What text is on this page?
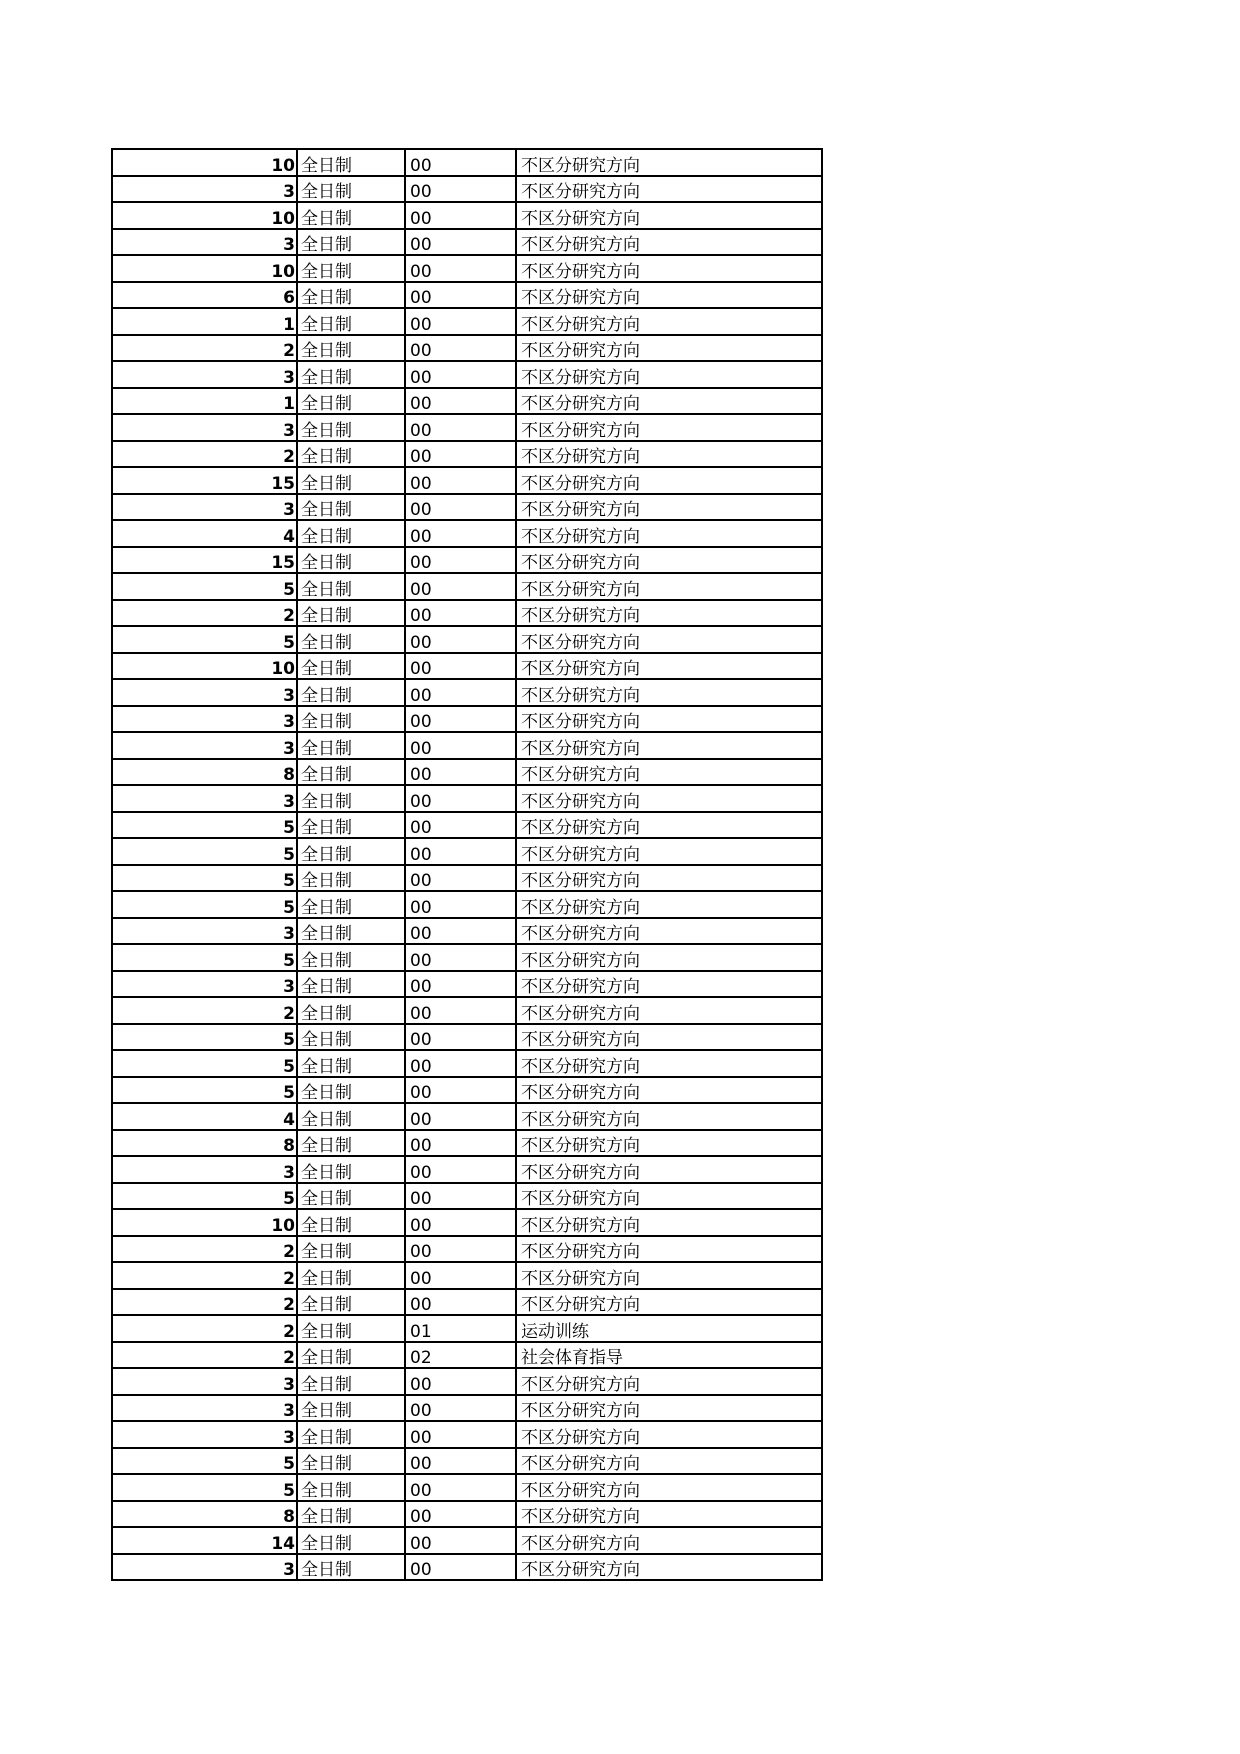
10	全日制	00	不区分研究方向
3	全日制	00	不区分研究方向
10	全日制	00	不区分研究方向
3	全日制	00	不区分研究方向
10	全日制	00	不区分研究方向
6	全日制	00	不区分研究方向
1	全日制	00	不区分研究方向
2	全日制	00	不区分研究方向
3	全日制	00	不区分研究方向
1	全日制	00	不区分研究方向
3	全日制	00	不区分研究方向
2	全日制	00	不区分研究方向
15	全日制	00	不区分研究方向
3	全日制	00	不区分研究方向
4	全日制	00	不区分研究方向
15	全日制	00	不区分研究方向
5	全日制	00	不区分研究方向
2	全日制	00	不区分研究方向
5	全日制	00	不区分研究方向
10	全日制	00	不区分研究方向
3	全日制	00	不区分研究方向
3	全日制	00	不区分研究方向
3	全日制	00	不区分研究方向
8	全日制	00	不区分研究方向
3	全日制	00	不区分研究方向
5	全日制	00	不区分研究方向
5	全日制	00	不区分研究方向
5	全日制	00	不区分研究方向
5	全日制	00	不区分研究方向
3	全日制	00	不区分研究方向
5	全日制	00	不区分研究方向
3	全日制	00	不区分研究方向
2	全日制	00	不区分研究方向
5	全日制	00	不区分研究方向
5	全日制	00	不区分研究方向
5	全日制	00	不区分研究方向
4	全日制	00	不区分研究方向
8	全日制	00	不区分研究方向
3	全日制	00	不区分研究方向
5	全日制	00	不区分研究方向
10	全日制	00	不区分研究方向
2	全日制	00	不区分研究方向
2	全日制	00	不区分研究方向
2	全日制	00	不区分研究方向
2	全日制	01	运动训练
2	全日制	02	社会体育指导
3	全日制	00	不区分研究方向
3	全日制	00	不区分研究方向
3	全日制	00	不区分研究方向
5	全日制	00	不区分研究方向
5	全日制	00	不区分研究方向
8	全日制	00	不区分研究方向
14	全日制	00	不区分研究方向
3	全日制	00	不区分研究方向
